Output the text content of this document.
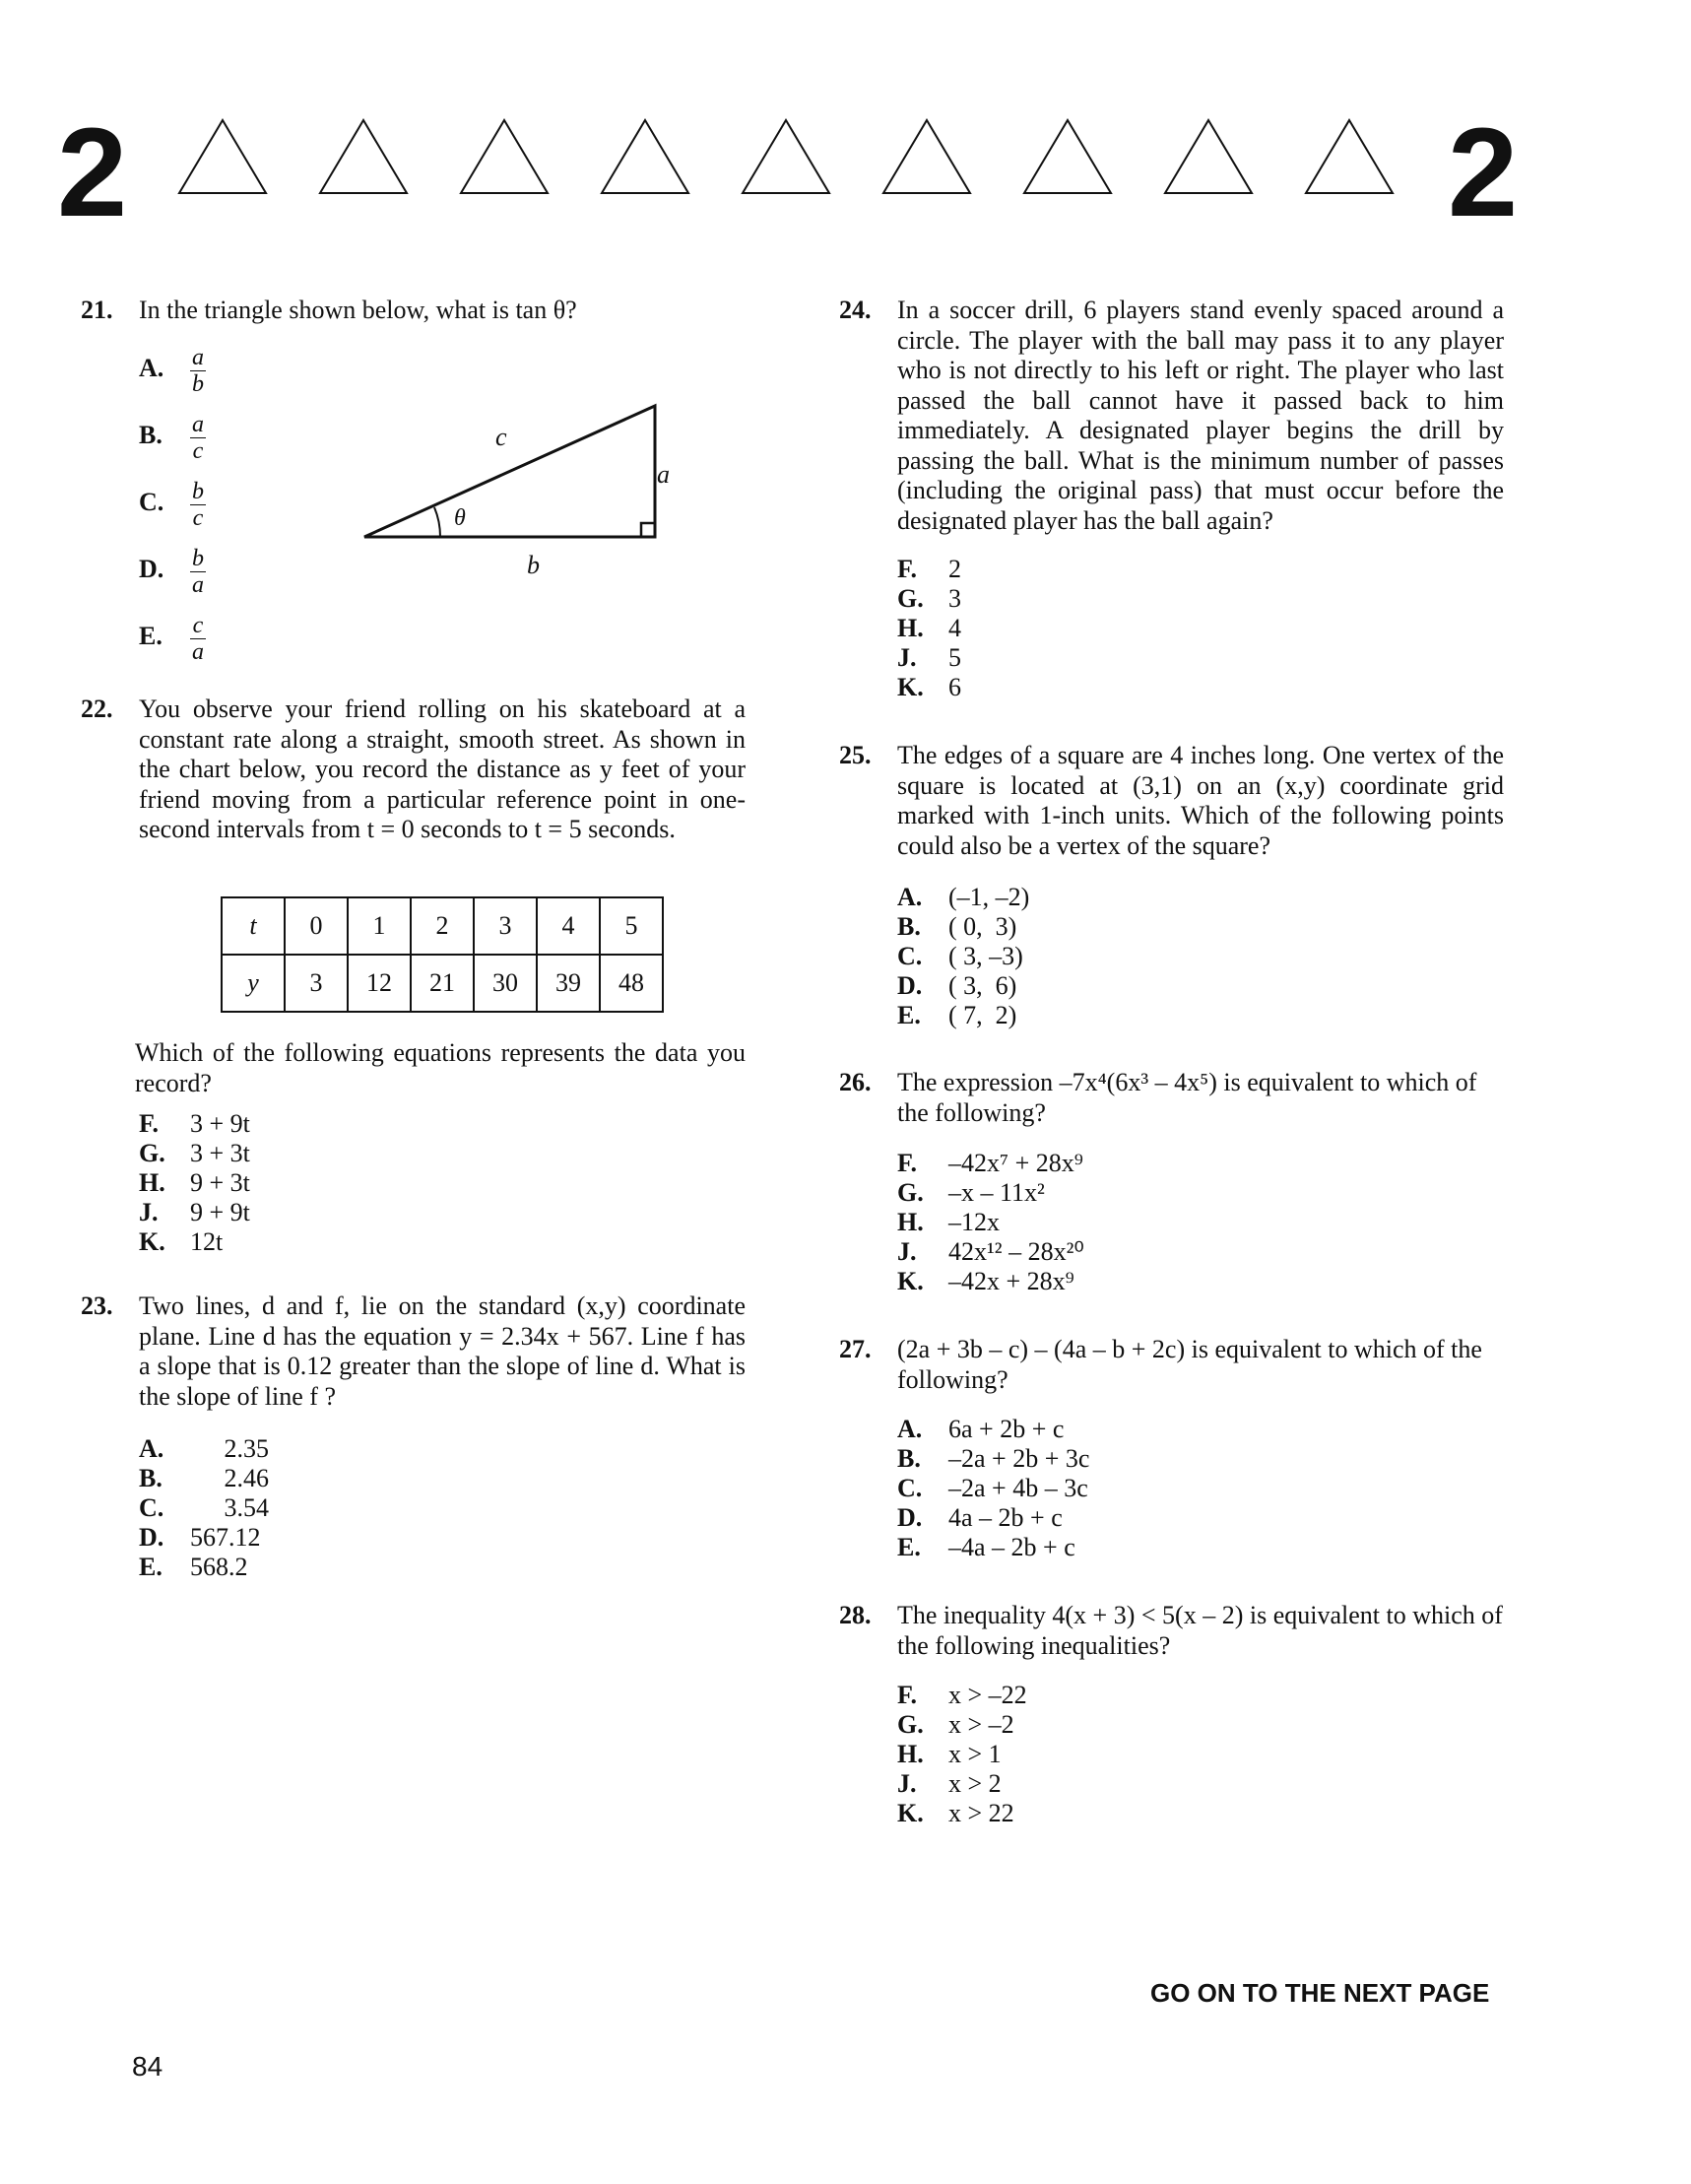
2	2
21. In the triangle shown below, what is tan θ?
A. $\frac{a}{b}$
B. $\frac{a}{c}$
C. $\frac{b}{c}$
D. $\frac{b}{a}$
E. $\frac{c}{a}$
c
a
b
θ
22. You observe your friend rolling on his skateboard at a constant rate along a straight, smooth street. As shown in the chart below, you record the distance as y feet of your friend moving from a particular reference point in one-second intervals from t = 0 seconds to t = 5 seconds.
t	0	1	2	3	4	5
y	3	12	21	30	39	48
Which of the following equations represents the data you record?
F. 3 + 9t
G. 3 + 3t
H. 9 + 3t
J. 9 + 9t
K. 12t
23. Two lines, d and f, lie on the standard (x,y) coordinate plane. Line d has the equation y = 2.34x + 567. Line f has a slope that is 0.12 greater than the slope of line d. What is the slope of line f ?
A. 2.35
B. 2.46
C. 3.54
D. 567.12
E. 568.2
24. In a soccer drill, 6 players stand evenly spaced around a circle. The player with the ball may pass it to any player who is not directly to his left or right. The player who last passed the ball cannot have it passed back to him immediately. A designated player begins the drill by passing the ball. What is the minimum number of passes (including the original pass) that must occur before the designated player has the ball again?
F. 2
G. 3
H. 4
J. 5
K. 6
25. The edges of a square are 4 inches long. One vertex of the square is located at (3,1) on an (x,y) coordinate grid marked with 1-inch units. Which of the following points could also be a vertex of the square?
A. (–1, –2)
B. ( 0,  3)
C. ( 3, –3)
D. ( 3,  6)
E. ( 7,  2)
26. The expression –7x⁴(6x³ – 4x⁵) is equivalent to which of the following?
F. –42x⁷ + 28x⁹
G. –x – 11x²
H. –12x
J. 42x¹² – 28x²⁰
K. –42x + 28x⁹
27. (2a + 3b – c) – (4a – b + 2c) is equivalent to which of the following?
A. 6a + 2b + c
B. –2a + 2b + 3c
C. –2a + 4b – 3c
D. 4a – 2b + c
E. –4a – 2b + c
28. The inequality 4(x + 3) < 5(x – 2) is equivalent to which of the following inequalities?
F. x > –22
G. x > –2
H. x > 1
J. x > 2
K. x > 22
GO ON TO THE NEXT PAGE
84
